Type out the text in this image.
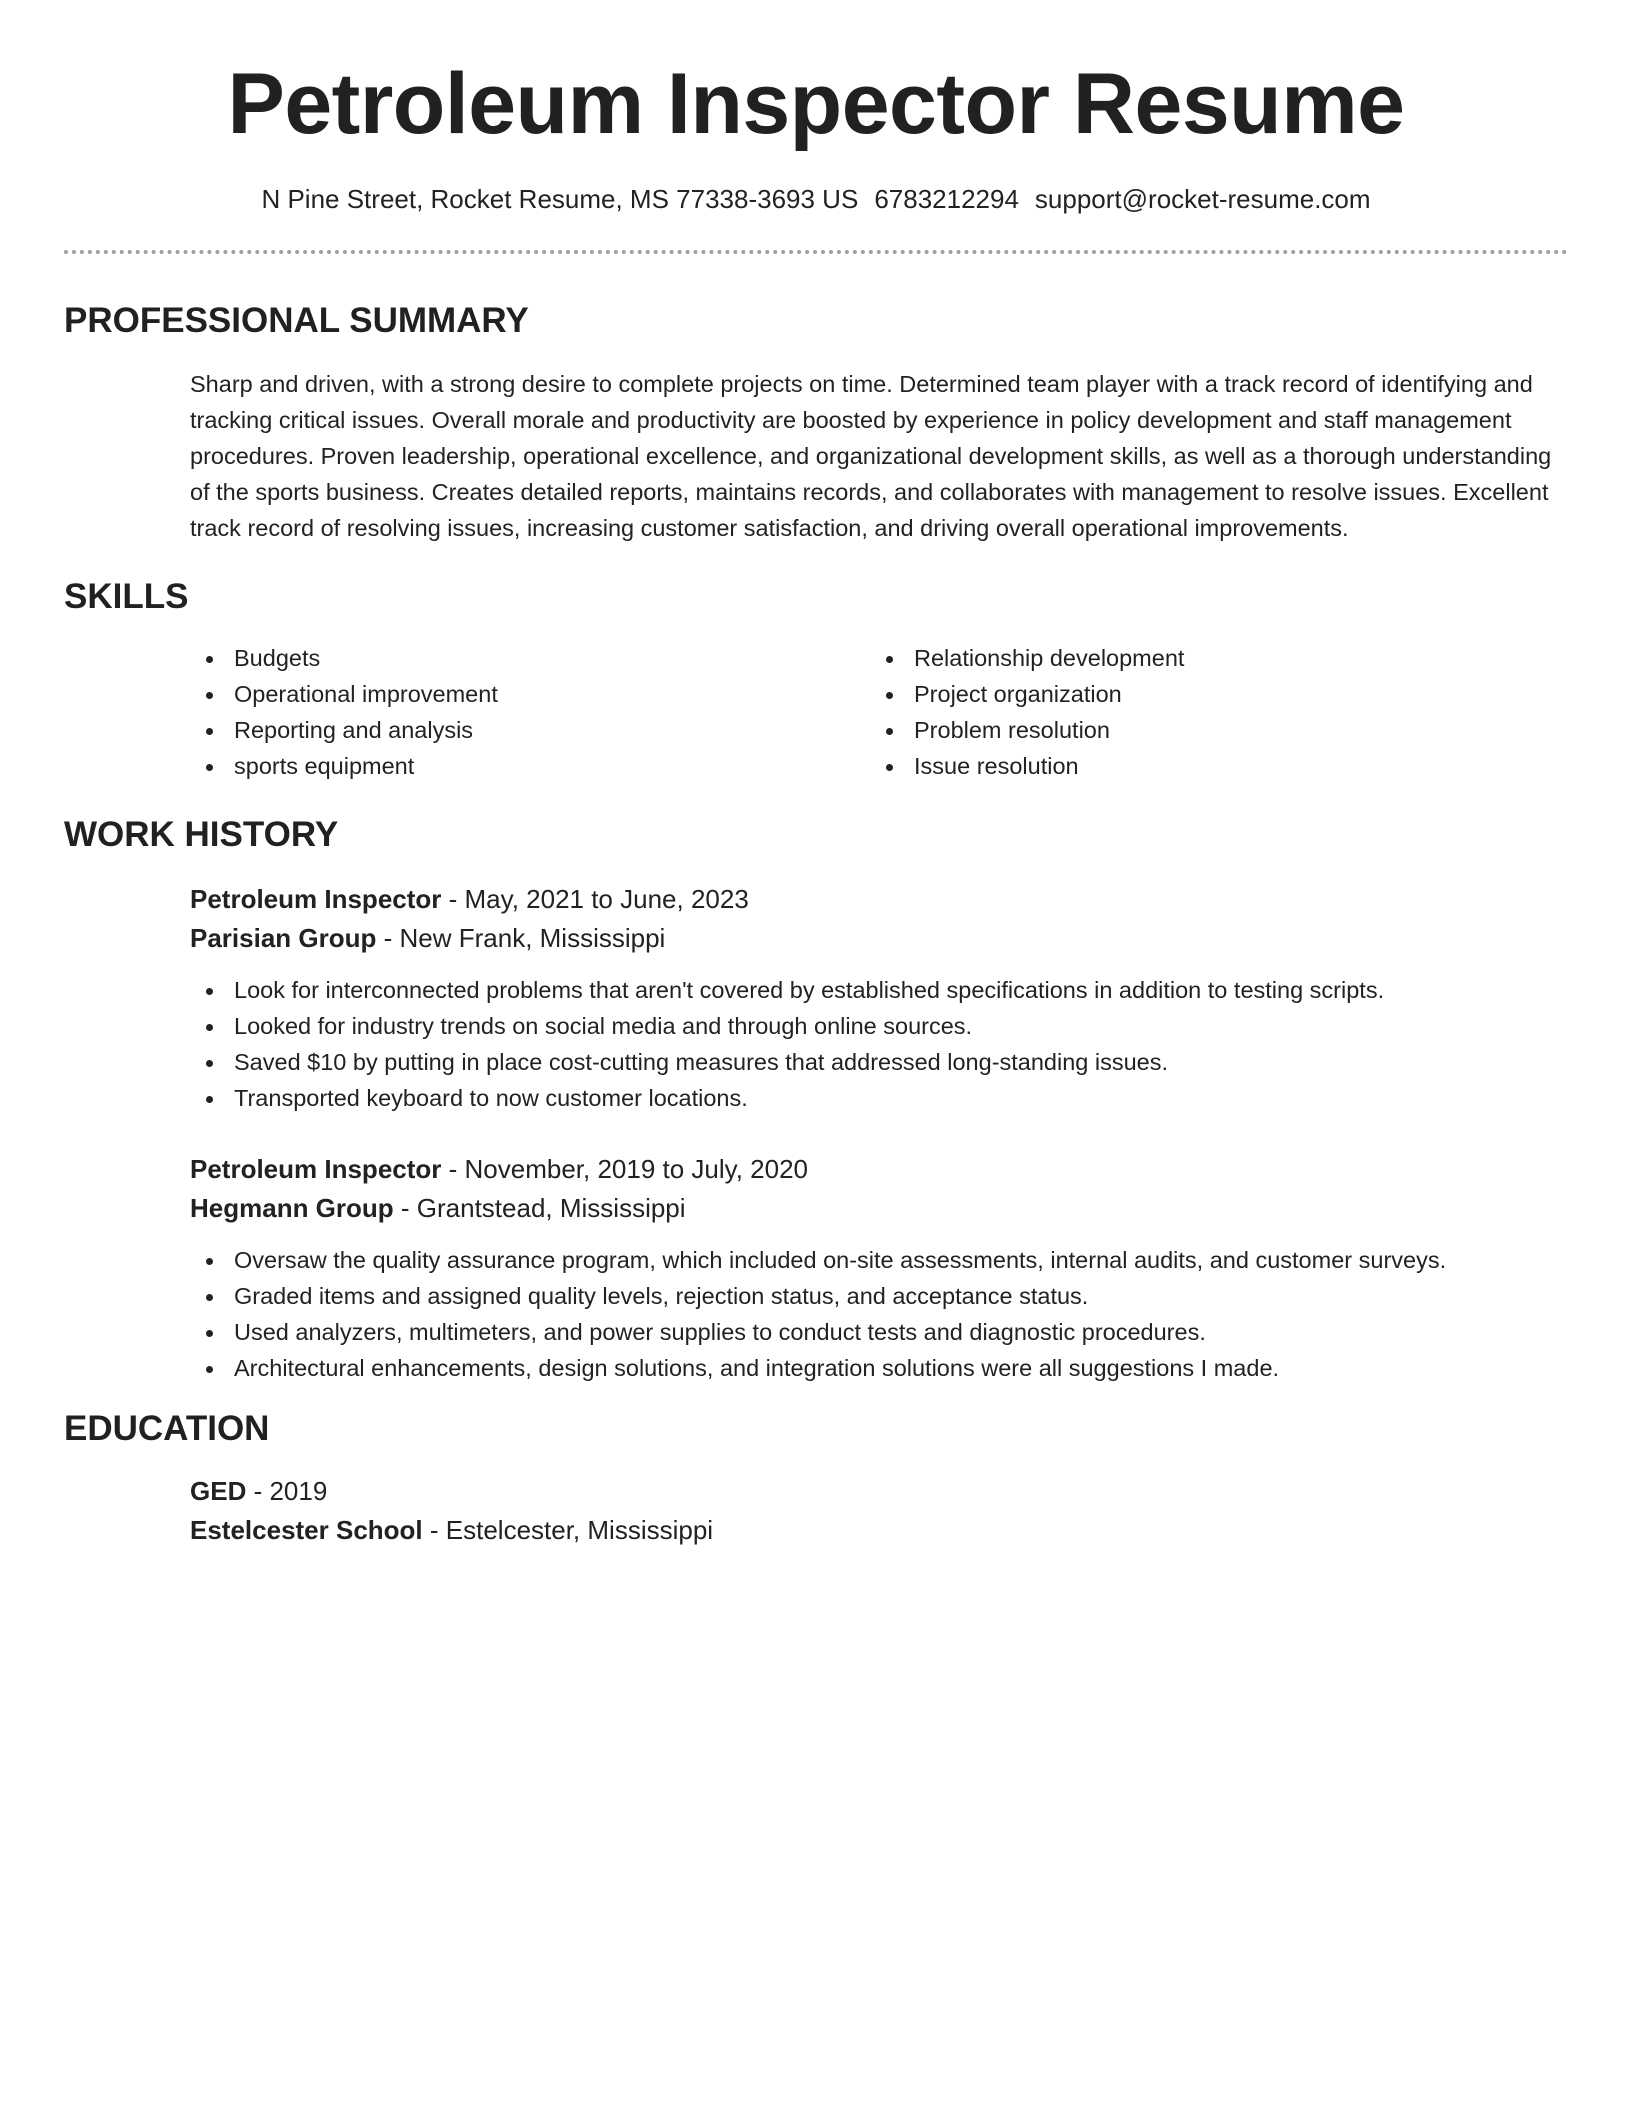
Petroleum Inspector Resume
N Pine Street, Rocket Resume, MS 77338-3693 US 6783212294 support@rocket-resume.com
PROFESSIONAL SUMMARY
Sharp and driven, with a strong desire to complete projects on time. Determined team player with a track record of identifying and tracking critical issues. Overall morale and productivity are boosted by experience in policy development and staff management procedures. Proven leadership, operational excellence, and organizational development skills, as well as a thorough understanding of the sports business. Creates detailed reports, maintains records, and collaborates with management to resolve issues. Excellent track record of resolving issues, increasing customer satisfaction, and driving overall operational improvements.
SKILLS
Budgets
Operational improvement
Reporting and analysis
sports equipment
Relationship development
Project organization
Problem resolution
Issue resolution
WORK HISTORY
Petroleum Inspector - May, 2021 to June, 2023
Parisian Group - New Frank, Mississippi
Look for interconnected problems that aren't covered by established specifications in addition to testing scripts.
Looked for industry trends on social media and through online sources.
Saved $10 by putting in place cost-cutting measures that addressed long-standing issues.
Transported keyboard to now customer locations.
Petroleum Inspector - November, 2019 to July, 2020
Hegmann Group - Grantstead, Mississippi
Oversaw the quality assurance program, which included on-site assessments, internal audits, and customer surveys.
Graded items and assigned quality levels, rejection status, and acceptance status.
Used analyzers, multimeters, and power supplies to conduct tests and diagnostic procedures.
Architectural enhancements, design solutions, and integration solutions were all suggestions I made.
EDUCATION
GED - 2019
Estelcester School - Estelcester, Mississippi
